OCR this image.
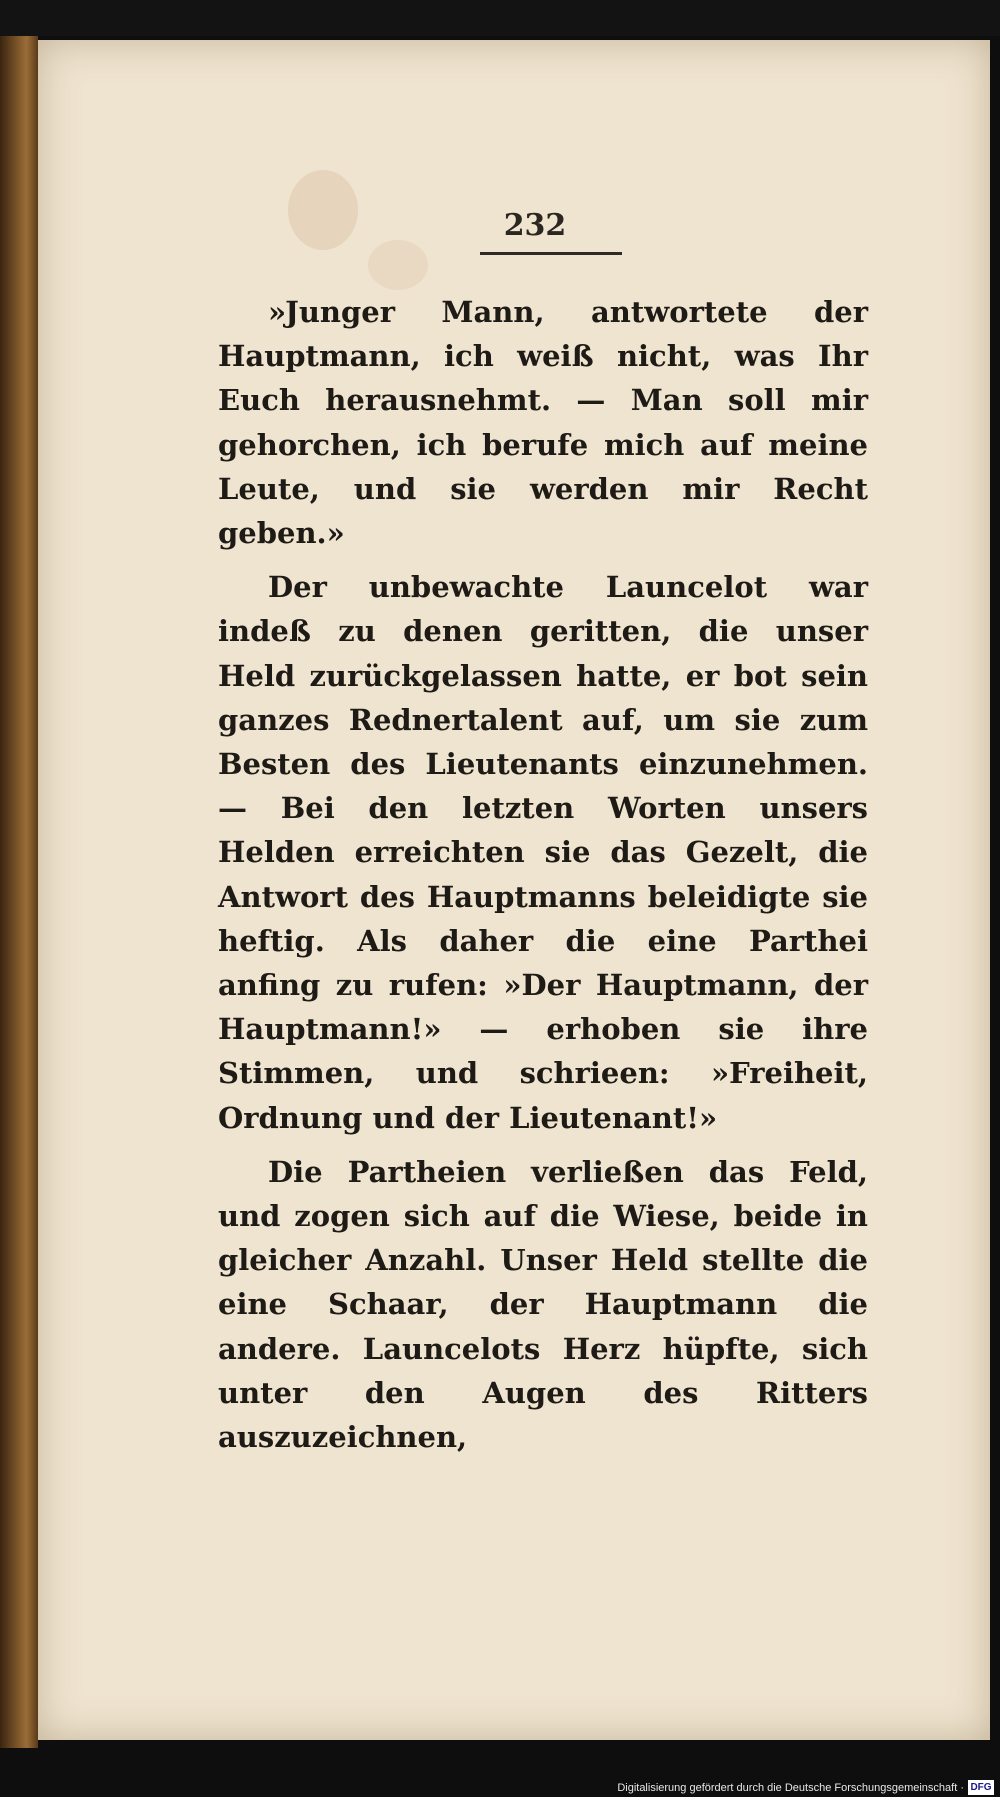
232

»Junger Mann, antwortete der Hauptmann, ich weiß nicht, was Ihr Euch herausnehmt. — Man soll mir gehorchen, ich berufe mich auf meine Leute, und sie werden mir Recht geben.»

Der unbewachte Launcelot war indeß zu denen geritten, die unser Held zurückgelassen hatte, er bot sein ganzes Rednertalent auf, um sie zum Besten des Lieutenants einzunehmen. — Bei den letzten Worten unsers Helden erreichten sie das Gezelt, die Antwort des Hauptmanns beleidigte sie heftig. Als daher die eine Parthei anfing zu rufen: »Der Hauptmann, der Hauptmann!» — erhoben sie ihre Stimmen, und schrieen: »Freiheit, Ordnung und der Lieutenant!»

Die Partheien verließen das Feld, und zogen sich auf die Wiese, beide in gleicher Anzahl. Unser Held stellte die eine Schaar, der Hauptmann die andere. Launcelots Herz hüpfte, sich unter den Augen des Ritters auszuzeichnen,

Digitalisierung gefördert durch die Deutsche Forschungsgemeinschaft · DFG
